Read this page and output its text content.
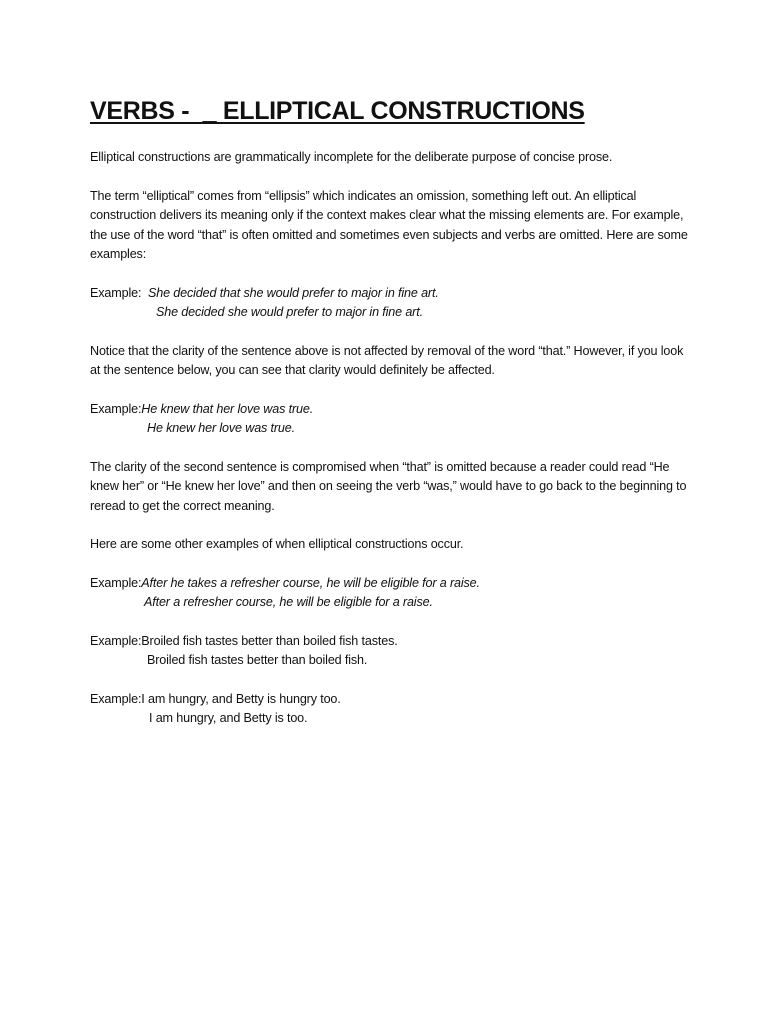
VERBS -  _ ELLIPTICAL CONSTRUCTIONS

Elliptical constructions are grammatically incomplete for the deliberate purpose of concise prose.

The term “elliptical” comes from “ellipsis” which indicates an omission, something left out. An elliptical construction delivers its meaning only if the context makes clear what the missing elements are. For example, the use of the word “that” is often omitted and sometimes even subjects and verbs are omitted. Here are some examples:

Example: She decided that she would prefer to major in fine art.
She decided she would prefer to major in fine art.

Notice that the clarity of the sentence above is not affected by removal of the word “that.” However, if you look at the sentence below, you can see that clarity would definitely be affected.

Example:He knew that her love was true.
He knew her love was true.

The clarity of the second sentence is compromised when “that” is omitted because a reader could read “He knew her” or “He knew her love” and then on seeing the verb “was,” would have to go back to the beginning to reread to get the correct meaning.

Here are some other examples of when elliptical constructions occur.

Example:After he takes a refresher course, he will be eligible for a raise.
After a refresher course, he will be eligible for a raise.
Example:Broiled fish tastes better than boiled fish tastes.
Broiled fish tastes better than boiled fish.
Example:I am hungry, and Betty is hungry too.
I am hungry, and Betty is too.
